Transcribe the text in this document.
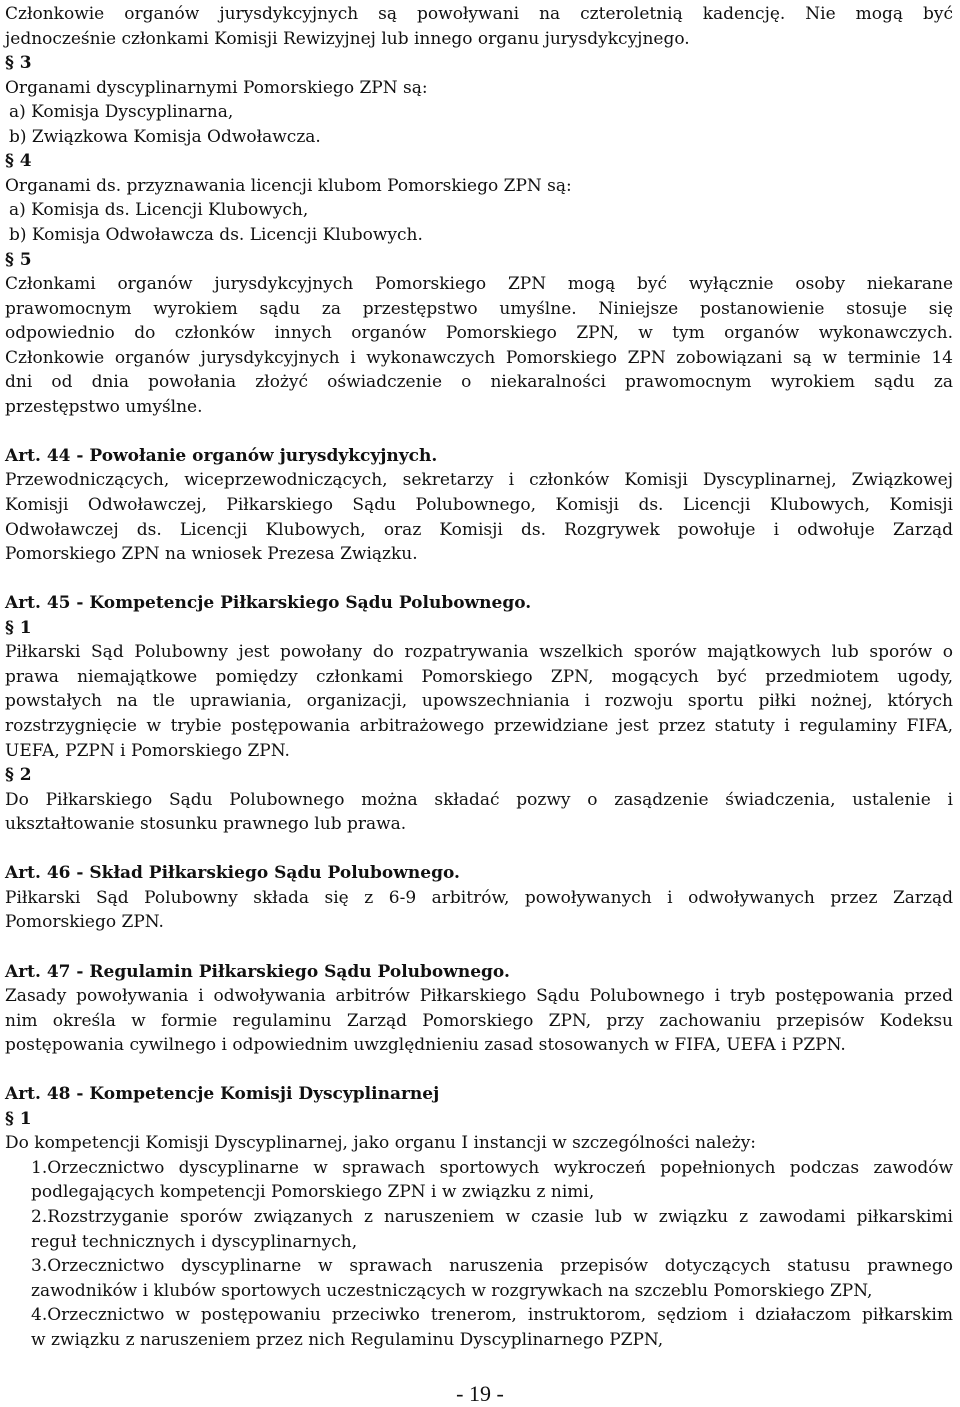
Członkowie organów jurysdykcyjnych są powoływani na czteroletnią kadencję. Nie mogą być
jednocześnie członkami Komisji Rewizyjnej lub innego organu jurysdykcyjnego.
§ 3
Organami dyscyplinarnymi Pomorskiego ZPN są:
a) Komisja Dyscyplinarna,
b) Związkowa Komisja Odwoławcza.
§ 4
Organami ds. przyznawania licencji klubom Pomorskiego ZPN są:
a) Komisja ds. Licencji Klubowych,
b) Komisja Odwoławcza ds. Licencji Klubowych.
§ 5
Członkami organów jurysdykcyjnych Pomorskiego ZPN mogą być wyłącznie osoby niekarane
prawomocnym wyrokiem sądu za przestępstwo umyślne. Niniejsze postanowienie stosuje się
odpowiednio do członków innych organów Pomorskiego ZPN, w tym organów wykonawczych.
Członkowie organów jurysdykcyjnych i wykonawczych Pomorskiego ZPN zobowiązani są w terminie 14
dni od dnia powołania złożyć oświadczenie o niekaralności prawomocnym wyrokiem sądu za
przestępstwo umyślne.
Art. 44 - Powołanie organów jurysdykcyjnych.
Przewodniczących, wiceprzewodniczących, sekretarzy i członków Komisji Dyscyplinarnej, Związkowej
Komisji Odwoławczej, Piłkarskiego Sądu Polubownego, Komisji ds. Licencji Klubowych, Komisji
Odwoławczej ds. Licencji Klubowych, oraz Komisji ds. Rozgrywek powołuje i odwołuje Zarząd
Pomorskiego ZPN na wniosek Prezesa Związku.
Art. 45 - Kompetencje Piłkarskiego Sądu Polubownego.
§ 1
Piłkarski Sąd Polubowny jest powołany do rozpatrywania wszelkich sporów majątkowych lub sporów o
prawa niemajątkowe pomiędzy członkami Pomorskiego ZPN, mogących być przedmiotem ugody,
powstałych na tle uprawiania, organizacji, upowszechniania i rozwoju sportu piłki nożnej, których
rozstrzygnięcie w trybie postępowania arbitrażowego przewidziane jest przez statuty i regulaminy FIFA,
UEFA, PZPN i Pomorskiego ZPN.
§ 2
Do Piłkarskiego Sądu Polubownego można składać pozwy o zasądzenie świadczenia, ustalenie i
ukształtowanie stosunku prawnego lub prawa.
Art. 46 - Skład Piłkarskiego Sądu Polubownego.
Piłkarski Sąd Polubowny składa się z 6-9 arbitrów, powoływanych i odwoływanych przez Zarząd
Pomorskiego ZPN.
Art. 47 - Regulamin Piłkarskiego Sądu Polubownego.
Zasady powoływania i odwoływania arbitrów Piłkarskiego Sądu Polubownego i tryb postępowania przed
nim określa w formie regulaminu Zarząd Pomorskiego ZPN, przy zachowaniu przepisów Kodeksu
postępowania cywilnego i odpowiednim uwzględnieniu zasad stosowanych w FIFA, UEFA i PZPN.
Art. 48 - Kompetencje Komisji Dyscyplinarnej
§ 1
Do kompetencji Komisji Dyscyplinarnej, jako organu I instancji w szczególności należy:
1.Orzecznictwo dyscyplinarne w sprawach sportowych wykroczeń popełnionych podczas zawodów
podlegających kompetencji Pomorskiego ZPN i w związku z nimi,
2.Rozstrzyganie sporów związanych z naruszeniem w czasie lub w związku z zawodami piłkarskimi
reguł technicznych i dyscyplinarnych,
3.Orzecznictwo dyscyplinarne w sprawach naruszenia przepisów dotyczących statusu prawnego
zawodników i klubów sportowych uczestniczących w rozgrywkach na szczeblu Pomorskiego ZPN,
4.Orzecznictwo w postępowaniu przeciwko trenerom, instruktorom, sędziom i działaczom piłkarskim
w związku z naruszeniem przez nich Regulaminu Dyscyplinarnego PZPN,
- 19 -
